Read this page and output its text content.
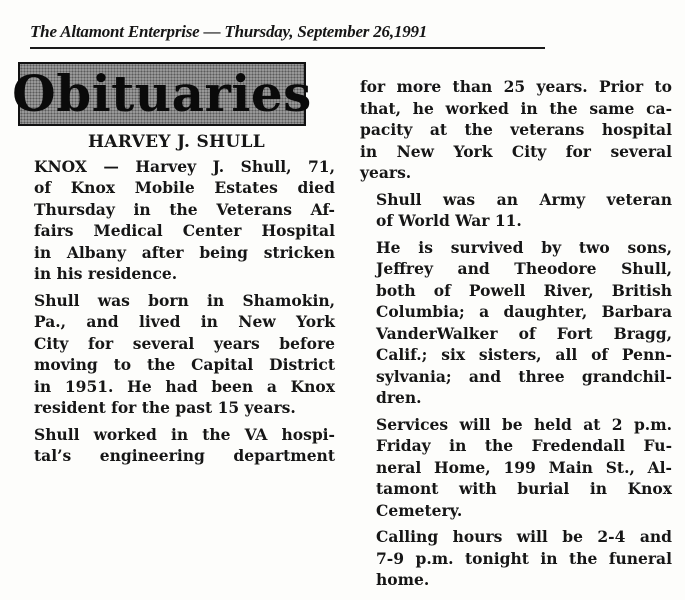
The Altamont Enterprise — Thursday, September 26,1991
Obituaries
HARVEY J. SHULL

KNOX — Harvey J. Shull, 71,
of Knox Mobile Estates died
Thursday in the Veterans Af-
fairs Medical Center Hospital
in Albany after being stricken
in his residence.

Shull was born in Shamokin,
Pa., and lived in New York
City for several years before
moving to the Capital District
in 1951. He had been a Knox
resident for the past 15 years.

Shull worked in the VA hospi-
tal’s engineering department

for more than 25 years. Prior to
that, he worked in the same ca-
pacity at the veterans hospital
in New York City for several
years.

Shull was an Army veteran
of World War 11.

He is survived by two sons,
Jeffrey and Theodore Shull,
both of Powell River, British
Columbia; a daughter, Barbara
VanderWalker of Fort Bragg,
Calif.; six sisters, all of Penn-
sylvania; and three grandchil-
dren.

Services will be held at 2 p.m.
Friday in the Fredendall Fu-
neral Home, 199 Main St., Al-
tamont with burial in Knox
Cemetery.

Calling hours will be 2-4 and
7-9 p.m. tonight in the funeral
home.
